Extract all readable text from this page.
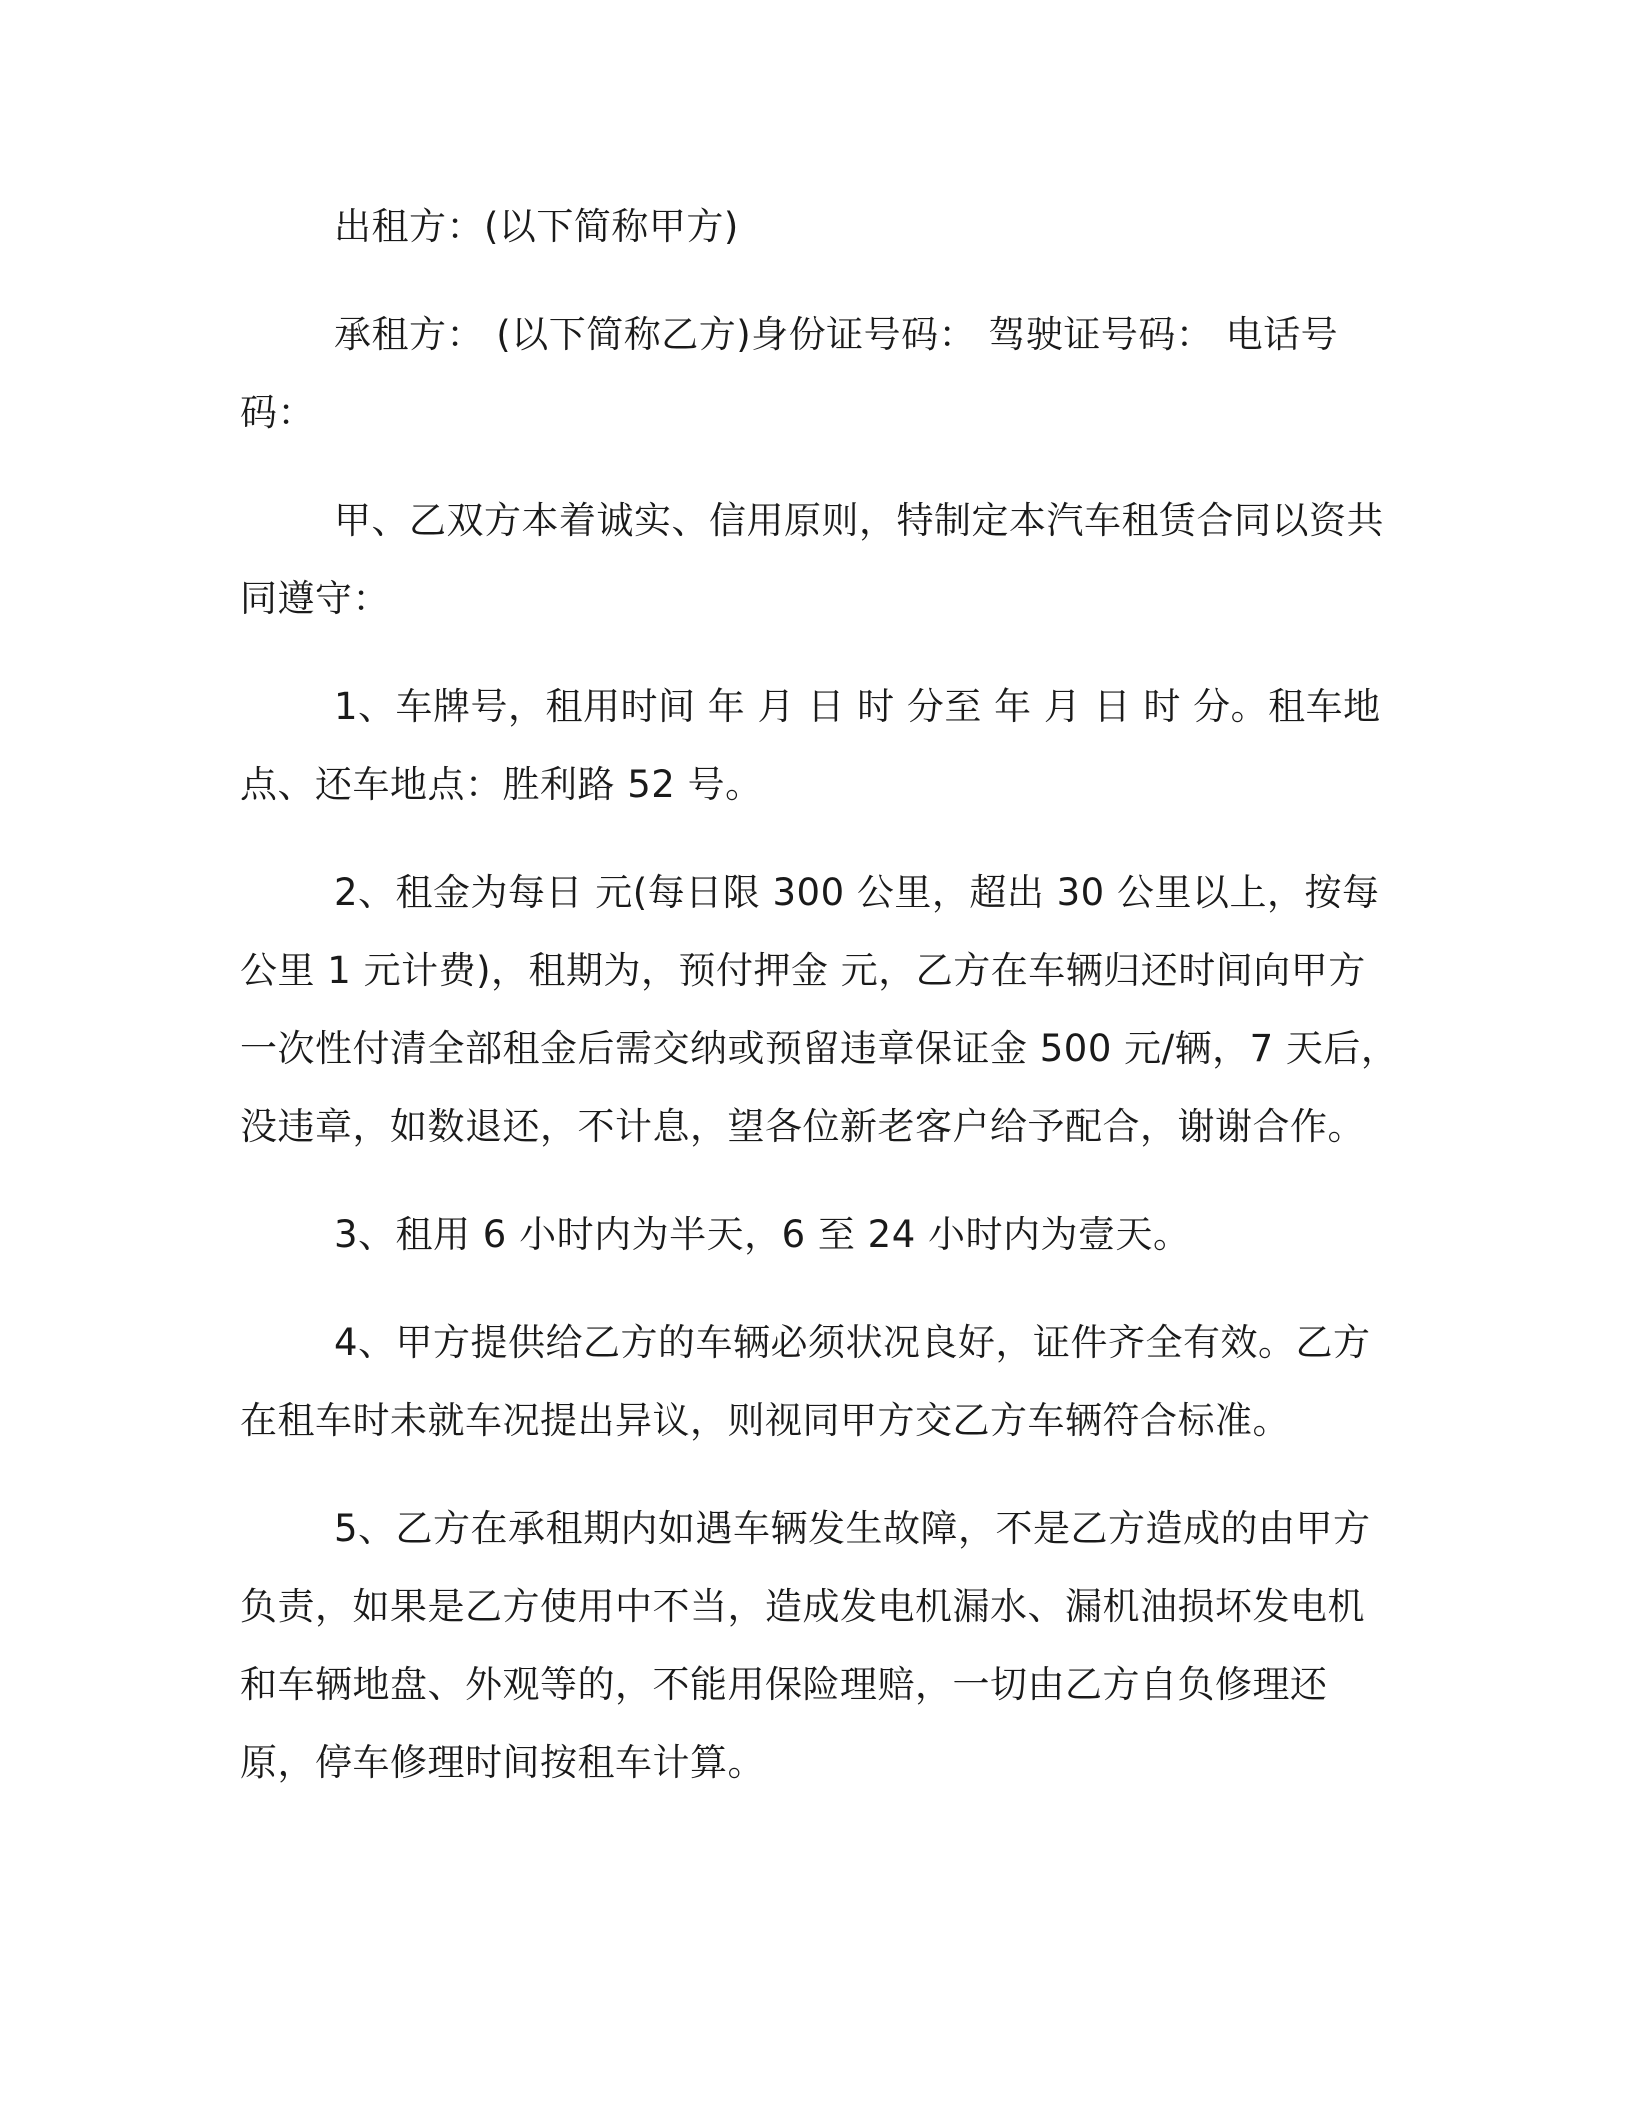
出租方：(以下简称甲方)

承租方： (以下简称乙方)身份证号码： 驾驶证号码： 电话号码：

甲、乙双方本着诚实、信用原则，特制定本汽车租赁合同以资共同遵守：

1、车牌号，租用时间 年 月 日 时 分至 年 月 日 时 分。租车地点、还车地点：胜利路 52 号。

2、租金为每日 元(每日限 300 公里，超出 30 公里以上，按每公里 1 元计费)，租期为，预付押金 元，乙方在车辆归还时间向甲方一次性付清全部租金后需交纳或预留违章保证金 500 元/辆，7 天后，没违章，如数退还，不计息，望各位新老客户给予配合，谢谢合作。

3、租用 6 小时内为半天，6 至 24 小时内为壹天。

4、甲方提供给乙方的车辆必须状况良好，证件齐全有效。乙方在租车时未就车况提出异议，则视同甲方交乙方车辆符合标准。

5、乙方在承租期内如遇车辆发生故障，不是乙方造成的由甲方负责，如果是乙方使用中不当，造成发电机漏水、漏机油损坏发电机和车辆地盘、外观等的，不能用保险理赔，一切由乙方自负修理还原，停车修理时间按租车计算。
